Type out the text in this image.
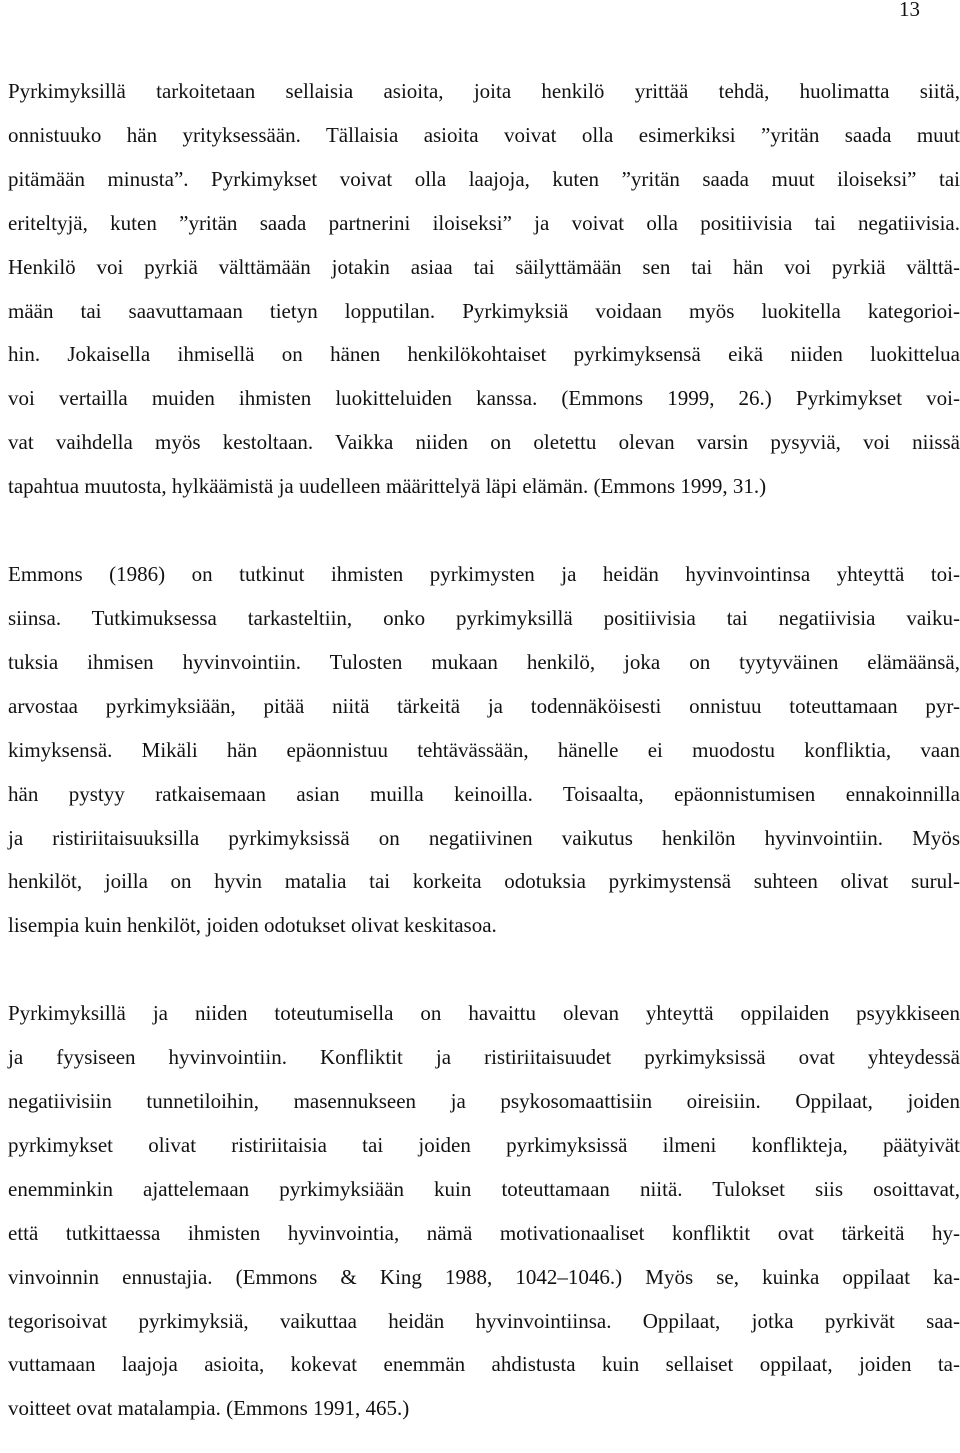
13

Pyrkimyksillä tarkoitetaan sellaisia asioita, joita henkilö yrittää tehdä, huolimatta siitä,
onnistuuko hän yrityksessään. Tällaisia asioita voivat olla esimerkiksi ”yritän saada muut
pitämään minusta”. Pyrkimykset voivat olla laajoja, kuten ”yritän saada muut iloiseksi” tai
eriteltyjä, kuten ”yritän saada partnerini iloiseksi” ja voivat olla positiivisia tai negatiivisia.
Henkilö voi pyrkiä välttämään jotakin asiaa tai säilyttämään sen tai hän voi pyrkiä välttä-
mään tai saavuttamaan tietyn lopputilan. Pyrkimyksiä voidaan myös luokitella kategorioi-
hin. Jokaisella ihmisellä on hänen henkilökohtaiset pyrkimyksensä eikä niiden luokittelua
voi vertailla muiden ihmisten luokitteluiden kanssa. (Emmons 1999, 26.) Pyrkimykset voi-
vat vaihdella myös kestoltaan. Vaikka niiden on oletettu olevan varsin pysyviä, voi niissä
tapahtua muutosta, hylkäämistä ja uudelleen määrittelyä läpi elämän. (Emmons 1999, 31.)

Emmons (1986) on tutkinut ihmisten pyrkimysten ja heidän hyvinvointinsa yhteyttä toi-
siinsa. Tutkimuksessa tarkasteltiin, onko pyrkimyksillä positiivisia tai negatiivisia vaiku-
tuksia ihmisen hyvinvointiin. Tulosten mukaan henkilö, joka on tyytyväinen elämäänsä,
arvostaa pyrkimyksiään, pitää niitä tärkeitä ja todennäköisesti onnistuu toteuttamaan pyr-
kimyksensä. Mikäli hän epäonnistuu tehtävässään, hänelle ei muodostu konfliktia, vaan
hän pystyy ratkaisemaan asian muilla keinoilla. Toisaalta, epäonnistumisen ennakoinnilla
ja ristiriitaisuuksilla pyrkimyksissä on negatiivinen vaikutus henkilön hyvinvointiin. Myös
henkilöt, joilla on hyvin matalia tai korkeita odotuksia pyrkimystensä suhteen olivat surul-
lisempia kuin henkilöt, joiden odotukset olivat keskitasoa.

Pyrkimyksillä ja niiden toteutumisella on havaittu olevan yhteyttä oppilaiden psyykkiseen
ja fyysiseen hyvinvointiin. Konfliktit ja ristiriitaisuudet pyrkimyksissä ovat yhteydessä
negatiivisiin tunnetiloihin, masennukseen ja psykosomaattisiin oireisiin. Oppilaat, joiden
pyrkimykset olivat ristiriitaisia tai joiden pyrkimyksissä ilmeni konflikteja, päätyivät
enemminkin ajattelemaan pyrkimyksiään kuin toteuttamaan niitä. Tulokset siis osoittavat,
että tutkittaessa ihmisten hyvinvointia, nämä motivationaaliset konfliktit ovat tärkeitä hy-
vinvoinnin ennustajia. (Emmons & King 1988, 1042–1046.) Myös se, kuinka oppilaat ka-
tegorisoivat pyrkimyksiä, vaikuttaa heidän hyvinvointiinsa. Oppilaat, jotka pyrkivät saa-
vuttamaan laajoja asioita, kokevat enemmän ahdistusta kuin sellaiset oppilaat, joiden ta-
voitteet ovat matalampia. (Emmons 1991, 465.)
